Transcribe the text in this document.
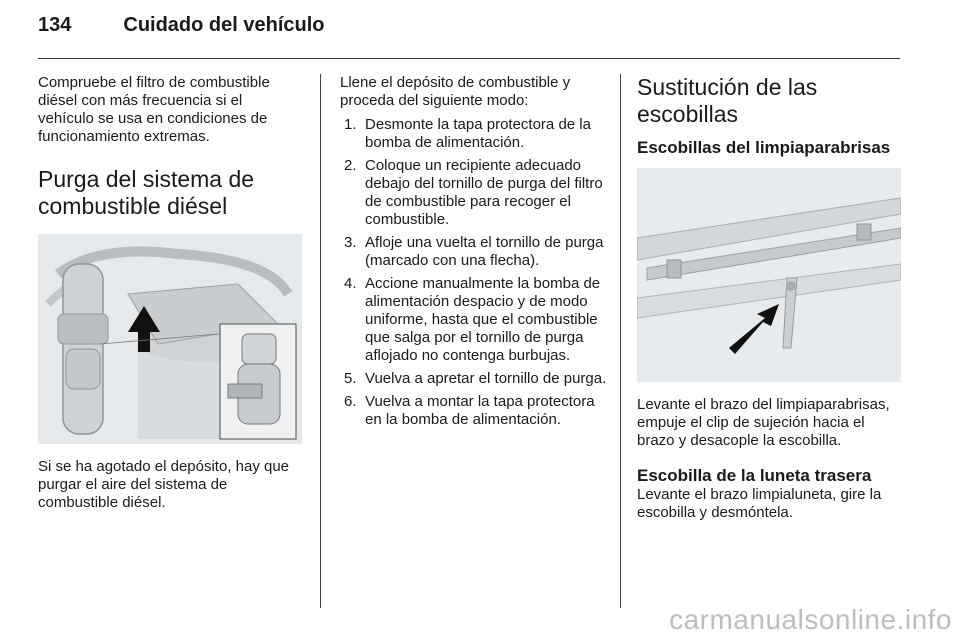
134	Cuidado del vehículo

Compruebe el filtro de combustible diésel con más frecuencia si el vehículo se usa en condiciones de funcionamiento extremas.

Purga del sistema de combustible diésel

Si se ha agotado el depósito, hay que purgar el aire del sistema de combustible diésel.

Llene el depósito de combustible y proceda del siguiente modo:

1. Desmonte la tapa protectora de la bomba de alimentación.
2. Coloque un recipiente adecuado debajo del tornillo de purga del filtro de combustible para recoger el combustible.
3. Afloje una vuelta el tornillo de purga (marcado con una flecha).
4. Accione manualmente la bomba de alimentación despacio y de modo uniforme, hasta que el combustible que salga por el tornillo de purga aflojado no contenga burbujas.
5. Vuelva a apretar el tornillo de purga.
6. Vuelva a montar la tapa protectora en la bomba de alimentación.
Sustitución de las escobillas
Escobillas del limpiaparabrisas

Levante el brazo del limpiaparabrisas, empuje el clip de sujeción hacia el brazo y desacople la escobilla.

Escobilla de la luneta trasera

Levante el brazo limpialuneta, gire la escobilla y desmóntela.

carmanualsonline.info
